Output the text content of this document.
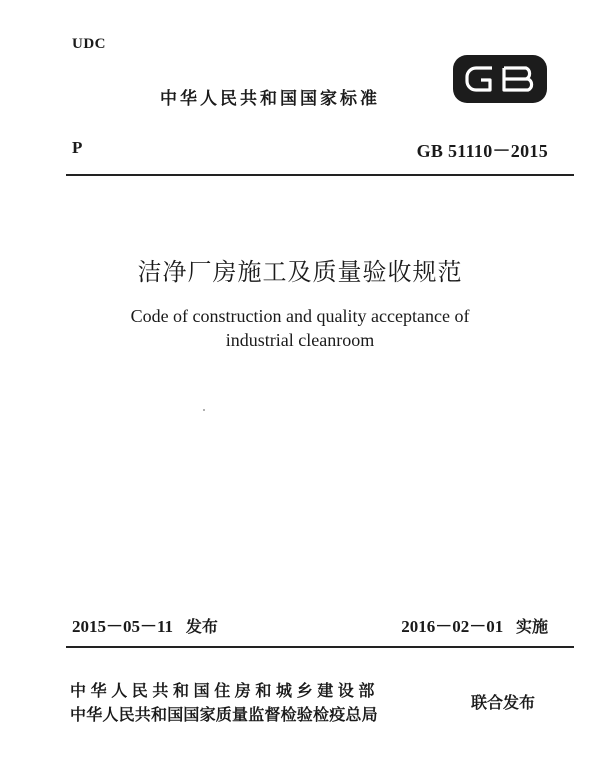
UDC
中华人民共和国国家标准
P	GB 51110－2015
洁净厂房施工及质量验收规范
Code of construction and quality acceptance of
industrial cleanroom
2015－05－11 发布	2016－02－01 实施
中华人民共和国住房和城乡建设部
中华人民共和国国家质量监督检验检疫总局
联合发布
